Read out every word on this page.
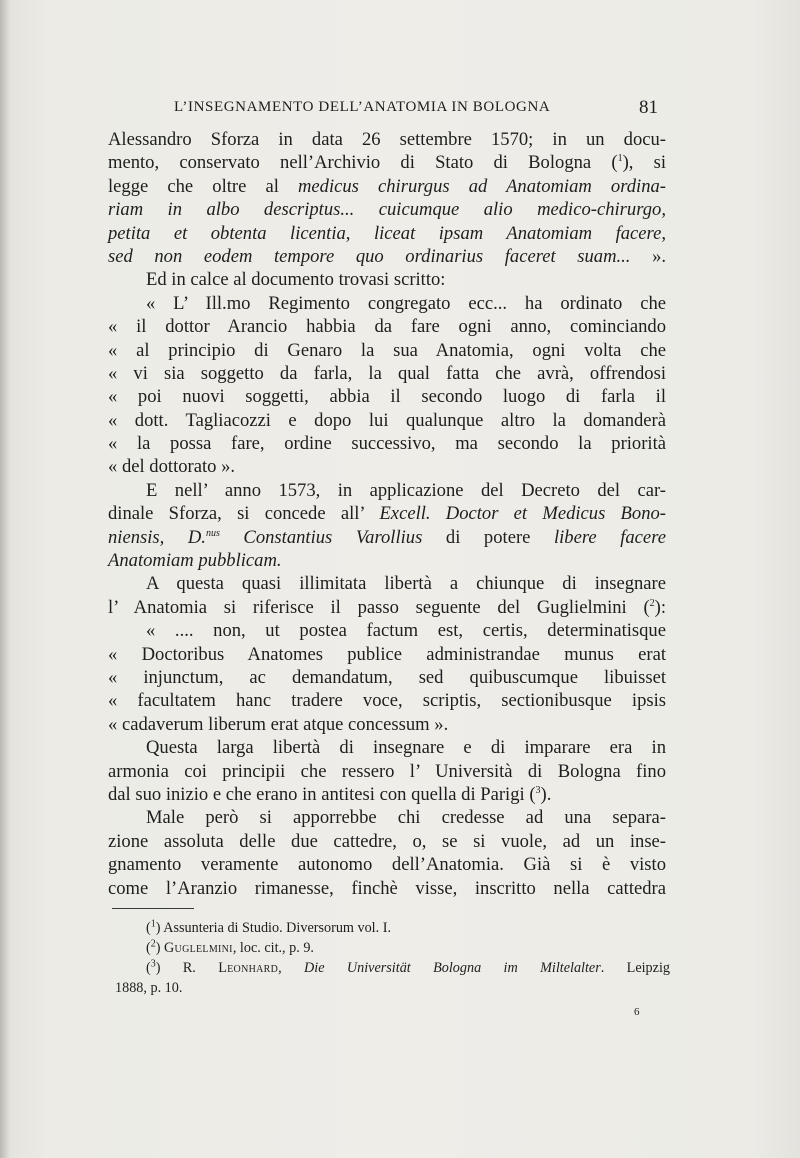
L’INSEGNAMENTO DELL’ANATOMIA IN BOLOGNA	81
Alessandro Sforza in data 26 settembre 1570; in un docu-
mento, conservato nell’Archivio di Stato di Bologna ($^1$), si
legge che oltre al medicus chirurgus ad Anatomiam ordina-
riam in albo descriptus... cuicumque alio medico-chirurgo,
petita et obtenta licentia, liceat ipsam Anatomiam facere,
sed non eodem tempore quo ordinarius faceret suam... ».
Ed in calce al documento trovasi scritto:
« L’ Ill.mo Regimento congregato ecc... ha ordinato che
« il dottor Arancio habbia da fare ogni anno, cominciando
« al principio di Genaro la sua Anatomia, ogni volta che
« vi sia soggetto da farla, la qual fatta che avrà, offrendosi
« poi nuovi soggetti, abbia il secondo luogo di farla il
« dott. Tagliacozzi e dopo lui qualunque altro la domanderà
« la possa fare, ordine successivo, ma secondo la priorità
« del dottorato ».
E nell’ anno 1573, in applicazione del Decreto del car-
dinale Sforza, si concede all’ Excell. Doctor et Medicus Bono-
niensis, D.$^{nus}$ Constantius Varollius di potere libere facere
Anatomiam pubblicam.
A questa quasi illimitata libertà a chiunque di insegnare
l’ Anatomia si riferisce il passo seguente del Guglielmini ($^2$):
« .... non, ut postea factum est, certis, determinatisque
« Doctoribus Anatomes publice administrandae munus erat
« injunctum, ac demandatum, sed quibuscumque libuisset
« facultatem hanc tradere voce, scriptis, sectionibusque ipsis
« cadaverum liberum erat atque concessum ».
Questa larga libertà di insegnare e di imparare era in
armonia coi principii che ressero l’ Università di Bologna fino
dal suo inizio e che erano in antitesi con quella di Parigi ($^3$).
Male però si apporrebbe chi credesse ad una separa-
zione assoluta delle due cattedre, o, se si vuole, ad un inse-
gnamento veramente autonomo dell’Anatomia. Già si è visto
come l’Aranzio rimanesse, finchè visse, inscritto nella cattedra
($^1$) Assunteria di Studio. Diversorum vol. I.
($^2$) Guglelmini, loc. cit., p. 9.
($^3$) R. Leonhard, Die Universität Bologna im Miltelalter. Leipzig
1888, p. 10.
6
